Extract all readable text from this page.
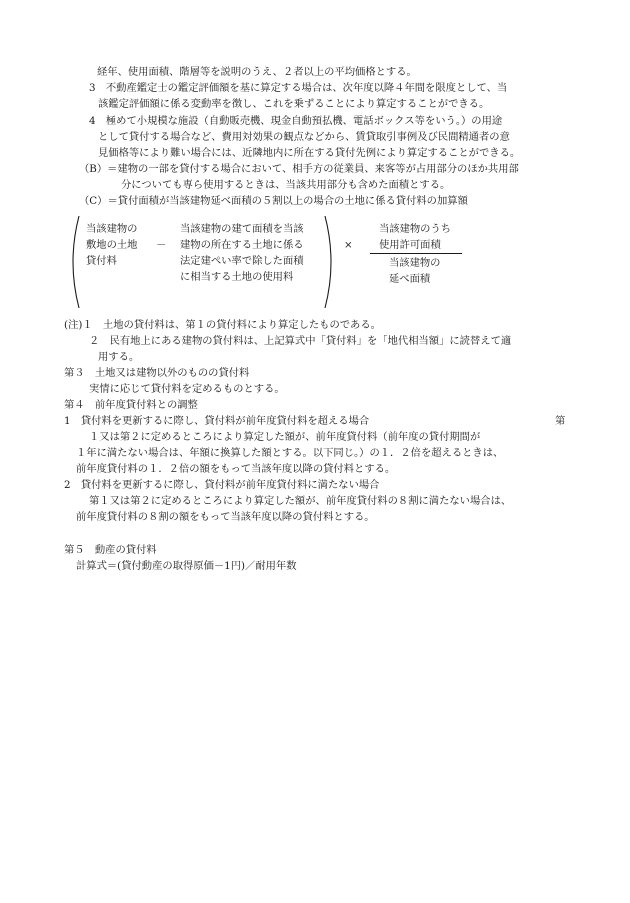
経年、使用面積、階層等を説明のうえ、２者以上の平均価格とする。
3　不動産鑑定士の鑑定評価額を基に算定する場合は、次年度以降４年間を限度として、当
該鑑定評価額に係る変動率を徴し、これを乗ずることにより算定することができる。
4　極めて小規模な施設（自動販売機、現金自動預払機、電話ボックス等をいう。）の用途
として貸付する場合など、費用対効果の観点などから、賃貸取引事例及び民間精通者の意
見価格等により難い場合には、近隣地内に所在する貸付先例により算定することができる。
（B）＝建物の一部を貸付する場合において、相手方の従業員、来客等が占用部分のほか共用部
分についても専ら使用するときは、当該共用部分も含めた面積とする。
（C）＝貸付面積が当該建物延べ面積の５割以上の場合の土地に係る貸付料の加算額
当該建物の
敷地の土地
貸付料
－
当該建物の建て面積を当該
建物の所在する土地に係る
法定建ぺい率で除した面積
に相当する土地の使用料
×
当該建物のうち
使用許可面積
当該建物の
延べ面積
(注)１　土地の貸付料は、第１の貸付料により算定したものである。
２　民有地上にある建物の貸付料は、上記算式中「貸付料」を「地代相当額」に読替えて適
用する。
第３　土地又は建物以外のものの貸付料
実情に応じて貸付料を定めるものとする。
第４　前年度貸付料との調整
1　貸付料を更新するに際し、貸付料が前年度貸付料を超える場合	第
１又は第２に定めるところにより算定した額が、前年度貸付料（前年度の貸付期間が
１年に満たない場合は、年額に換算した額とする。以下同じ。）の１．２倍を超えるときは、
前年度貸付料の１．２倍の額をもって当該年度以降の貸付料とする。
2　貸付料を更新するに際し、貸付料が前年度貸付料に満たない場合
第１又は第２に定めるところにより算定した額が、前年度貸付料の８割に満たない場合は、
前年度貸付料の８割の額をもって当該年度以降の貸付料とする。
第５　動産の貸付料
計算式＝(貸付動産の取得原価－1円)／耐用年数
